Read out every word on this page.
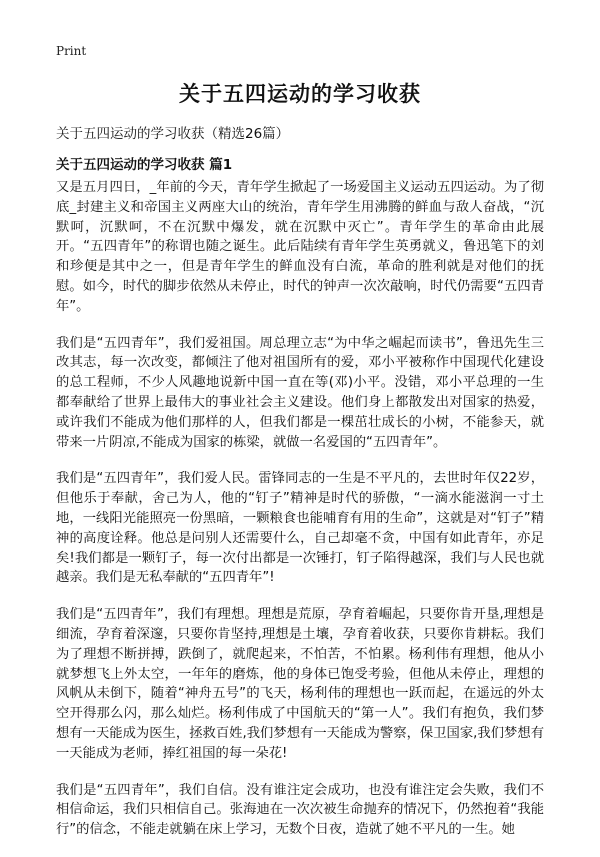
Print
关于五四运动的学习收获
关于五四运动的学习收获（精选26篇）
关于五四运动的学习收获 篇1

又是五月四日，_年前的今天，青年学生掀起了一场爱国主义运动五四运动。为了彻底_封建主义和帝国主义两座大山的统治，青年学生用沸腾的鲜血与敌人奋战，“沉默呵，沉默呵，不在沉默中爆发，就在沉默中灭亡”。青年学生的革命由此展开。“五四青年”的称谓也随之诞生。此后陆续有青年学生英勇就义，鲁迅笔下的刘和珍便是其中之一，但是青年学生的鲜血没有白流，革命的胜利就是对他们的抚慰。如今，时代的脚步依然从未停止，时代的钟声一次次敲响，时代仍需要“五四青年”。

我们是“五四青年”，我们爱祖国。周总理立志“为中华之崛起而读书”，鲁迅先生三改其志，每一次改变，都倾注了他对祖国所有的爱，邓小平被称作中国现代化建设的总工程师，不少人风趣地说新中国一直在等(邓)小平。没错，邓小平总理的一生都奉献给了世界上最伟大的事业社会主义建设。他们身上都散发出对国家的热爱，或许我们不能成为他们那样的人，但我们都是一棵茁壮成长的小树，不能参天，就带来一片阴凉,不能成为国家的栋梁，就做一名爱国的“五四青年”。

我们是“五四青年”，我们爱人民。雷锋同志的一生是不平凡的，去世时年仅22岁，但他乐于奉献，舍己为人，他的“钉子”精神是时代的骄傲，“一滴水能滋润一寸土地，一线阳光能照亮一份黑暗，一颗粮食也能哺育有用的生命”，这就是对“钉子”精神的高度诠释。他总是问别人还需要什么，自己却毫不贪，中国有如此青年，亦足矣!我们都是一颗钉子，每一次付出都是一次锤打，钉子陷得越深，我们与人民也就越亲。我们是无私奉献的“五四青年”!

我们是“五四青年”，我们有理想。理想是荒原，孕育着崛起，只要你肯开垦,理想是细流，孕育着深邃，只要你肯坚持,理想是土壤，孕育着收获，只要你肯耕耘。我们为了理想不断拼搏，跌倒了，就爬起来，不怕苦，不怕累。杨利伟有理想，他从小就梦想飞上外太空，一年年的磨炼，他的身体已饱受考验，但他从未停止，理想的风帆从未倒下，随着“神舟五号”的飞天，杨利伟的理想也一跃而起，在遥远的外太空开得那么闪，那么灿烂。杨利伟成了中国航天的“第一人”。我们有抱负，我们梦想有一天能成为医生，拯救百姓,我们梦想有一天能成为警察，保卫国家,我们梦想有一天能成为老师，捧红祖国的每一朵花!

我们是“五四青年”，我们自信。没有谁注定会成功，也没有谁注定会失败，我们不相信命运，我们只相信自己。张海迪在一次次被生命抛弃的情况下，仍然抱着“我能行”的信念，不能走就躺在床上学习，无数个日夜，造就了她不平凡的一生。她
